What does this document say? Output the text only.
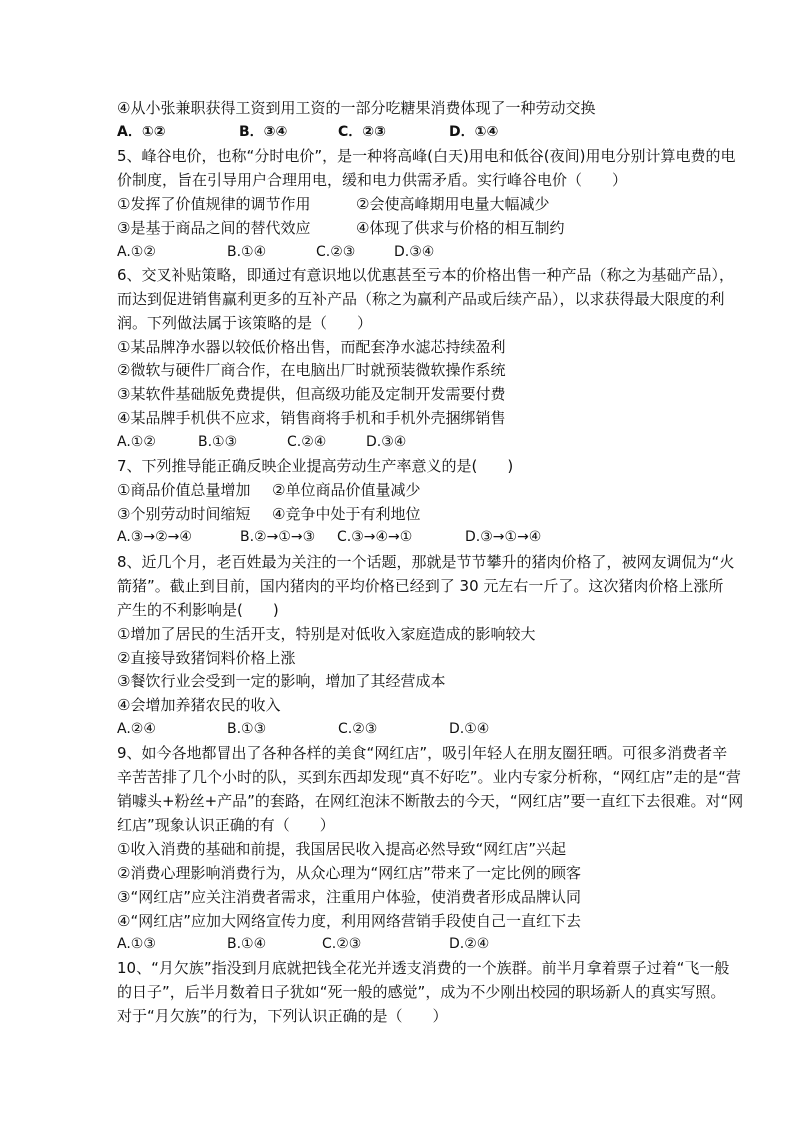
④从小张兼职获得工资到用工资的一部分吃糖果消费体现了一种劳动交换
A．①②	B．③④	C．②③	D．①④
5、峰谷电价，也称“分时电价”，是一种将高峰(白天)用电和低谷(夜间)用电分别计算电费的电
价制度，旨在引导用户合理用电，缓和电力供需矛盾。实行峰谷电价（　　）
①发挥了价值规律的调节作用	②会使高峰期用电量大幅减少
③是基于商品之间的替代效应	④体现了供求与价格的相互制约
A.①②	B.①④	C.②③	D.③④
6、交叉补贴策略，即通过有意识地以优惠甚至亏本的价格出售一种产品（称之为基础产品），
而达到促进销售赢利更多的互补产品（称之为赢利产品或后续产品），以求获得最大限度的利
润。下列做法属于该策略的是（　　）
①某品牌净水器以较低价格出售，而配套净水滤芯持续盈利
②微软与硬件厂商合作，在电脑出厂时就预装微软操作系统
③某软件基础版免费提供，但高级功能及定制开发需要付费
④某品牌手机供不应求，销售商将手机和手机外壳捆绑销售
A.①②	B.①③	C.②④	D.③④
7、下列推导能正确反映企业提高劳动生产率意义的是(　　)
①商品价值总量增加 ②单位商品价值量减少
③个别劳动时间缩短 ④竞争中处于有利地位
A.③→②→④	B.②→①→③ C.③→④→①	D.③→①→④
8、近几个月，老百姓最为关注的一个话题，那就是节节攀升的猪肉价格了，被网友调侃为“火
箭猪”。截止到目前，国内猪肉的平均价格已经到了 30 元左右一斤了。这次猪肉价格上涨所
产生的不利影响是(　　)
①增加了居民的生活开支，特别是对低收入家庭造成的影响较大
②直接导致猪饲料价格上涨
③餐饮行业会受到一定的影响，增加了其经营成本
④会增加养猪农民的收入
A.②④	B.①③	C.②③	D.①④
9、如今各地都冒出了各种各样的美食“网红店”，吸引年轻人在朋友圈狂晒。可很多消费者辛
辛苦苦排了几个小时的队，买到东西却发现“真不好吃”。业内专家分析称，“网红店”走的是“营
销噱头+粉丝+产品”的套路，在网红泡沫不断散去的今天，“网红店”要一直红下去很难。对“网
红店”现象认识正确的有（　　）
①收入消费的基础和前提，我国居民收入提高必然导致“网红店”兴起
②消费心理影响消费行为，从众心理为“网红店”带来了一定比例的顾客
③“网红店”应关注消费者需求，注重用户体验，使消费者形成品牌认同
④“网红店”应加大网络宣传力度，利用网络营销手段使自己一直红下去
A.①③	B.①④	C.②③	D.②④
10、“月欠族”指没到月底就把钱全花光并透支消费的一个族群。前半月拿着票子过着“飞一般
的日子”，后半月数着日子犹如“死一般的感觉”，成为不少刚出校园的职场新人的真实写照。
对于“月欠族”的行为，下列认识正确的是（　　）
